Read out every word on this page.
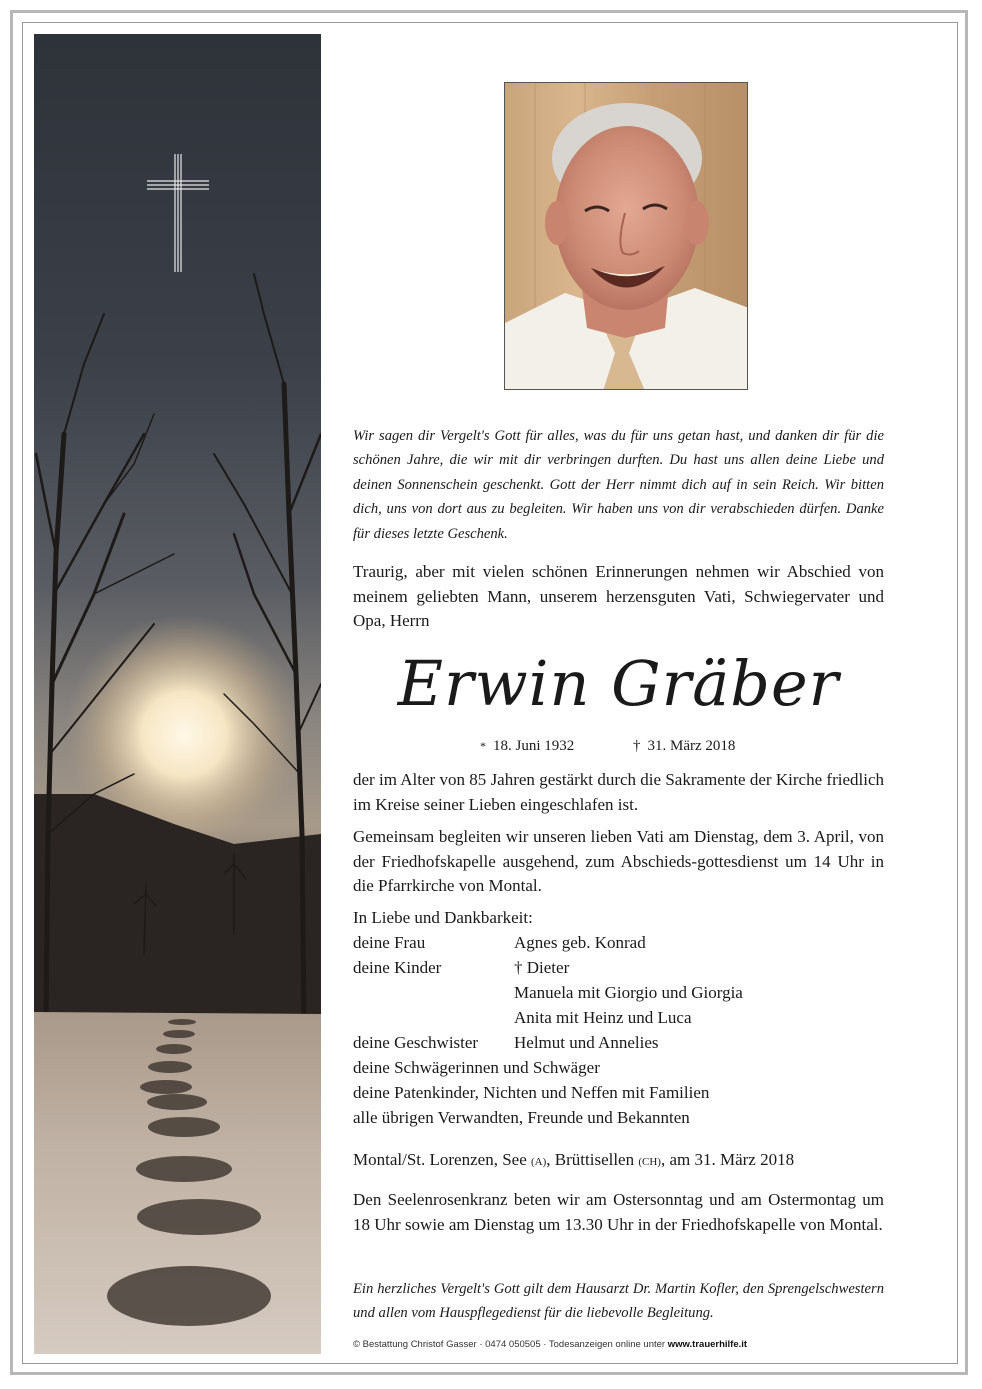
Wir sagen dir Vergelt's Gott für alles, was du für uns getan hast, und danken dir für die schönen Jahre, die wir mit dir verbringen durften. Du hast uns allen deine Liebe und deinen Sonnenschein geschenkt. Gott der Herr nimmt dich auf in sein Reich. Wir bitten dich, uns von dort aus zu begleiten. Wir haben uns von dir verabschieden dürfen. Danke für dieses letzte Geschenk.

Traurig, aber mit vielen schönen Erinnerungen nehmen wir Abschied von meinem geliebten Mann, unserem herzensguten Vati, Schwiegervater und Opa, Herrn

Erwin Gräber
* 18. Juni 1932	† 31. März 2018

der im Alter von 85 Jahren gestärkt durch die Sakramente der Kirche friedlich im Kreise seiner Lieben eingeschlafen ist.

Gemeinsam begleiten wir unseren lieben Vati am Dienstag, dem 3. April, von der Friedhofskapelle ausgehend, zum Abschieds-gottesdienst um 14 Uhr in die Pfarrkirche von Montal.

In Liebe und Dankbarkeit:
deine Frau	Agnes geb. Konrad
deine Kinder	† Dieter
Manuela mit Giorgio und Giorgia
Anita mit Heinz und Luca
deine Geschwister Helmut und Annelies
deine Schwägerinnen und Schwäger
deine Patenkinder, Nichten und Neffen mit Familien
alle übrigen Verwandten, Freunde und Bekannten
Montal/St. Lorenzen, See (A), Brüttisellen (CH), am 31. März 2018

Den Seelenrosenkranz beten wir am Ostersonntag und am Ostermontag um 18 Uhr sowie am Dienstag um 13.30 Uhr in der Friedhofskapelle von Montal.

Ein herzliches Vergelt's Gott gilt dem Hausarzt Dr. Martin Kofler, den Sprengelschwestern und allen vom Hauspflegedienst für die liebevolle Begleitung.

© Bestattung Christof Gasser · 0474 050505 · Todesanzeigen online unter www.trauerhilfe.it
